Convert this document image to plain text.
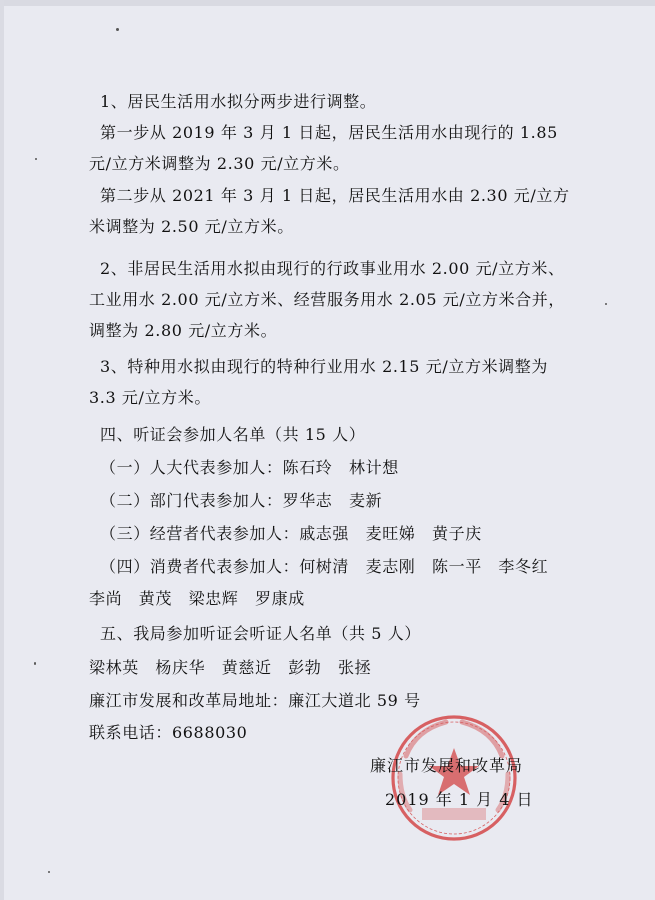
1、居民生活用水拟分两步进行调整。
第一步从 2019 年 3 月 1 日起，居民生活用水由现行的 1.85
元/立方米调整为 2.30 元/立方米。
第二步从 2021 年 3 月 1 日起，居民生活用水由 2.30 元/立方
米调整为 2.50 元/立方米。
2、非居民生活用水拟由现行的行政事业用水 2.00 元/立方米、
工业用水 2.00 元/立方米、经营服务用水 2.05 元/立方米合并，
调整为 2.80 元/立方米。
3、特种用水拟由现行的特种行业用水 2.15 元/立方米调整为
3.3 元/立方米。
四、听证会参加人名单（共 15 人）
（一）人大代表参加人：陈石玲　林计想
（二）部门代表参加人：罗华志　麦新
（三）经营者代表参加人：戚志强　麦旺娣　黄子庆
（四）消费者代表参加人：何树清　麦志刚　陈一平　李冬红
李尚　黄茂　梁忠辉　罗康成
五、我局参加听证会听证人名单（共 5 人）
梁林英　杨庆华　黄慈近　彭勃　张拯
廉江市发展和改革局地址：廉江大道北 59 号
联系电话：6688030
廉江市发展和改革局
2019 年 1 月 4 日
